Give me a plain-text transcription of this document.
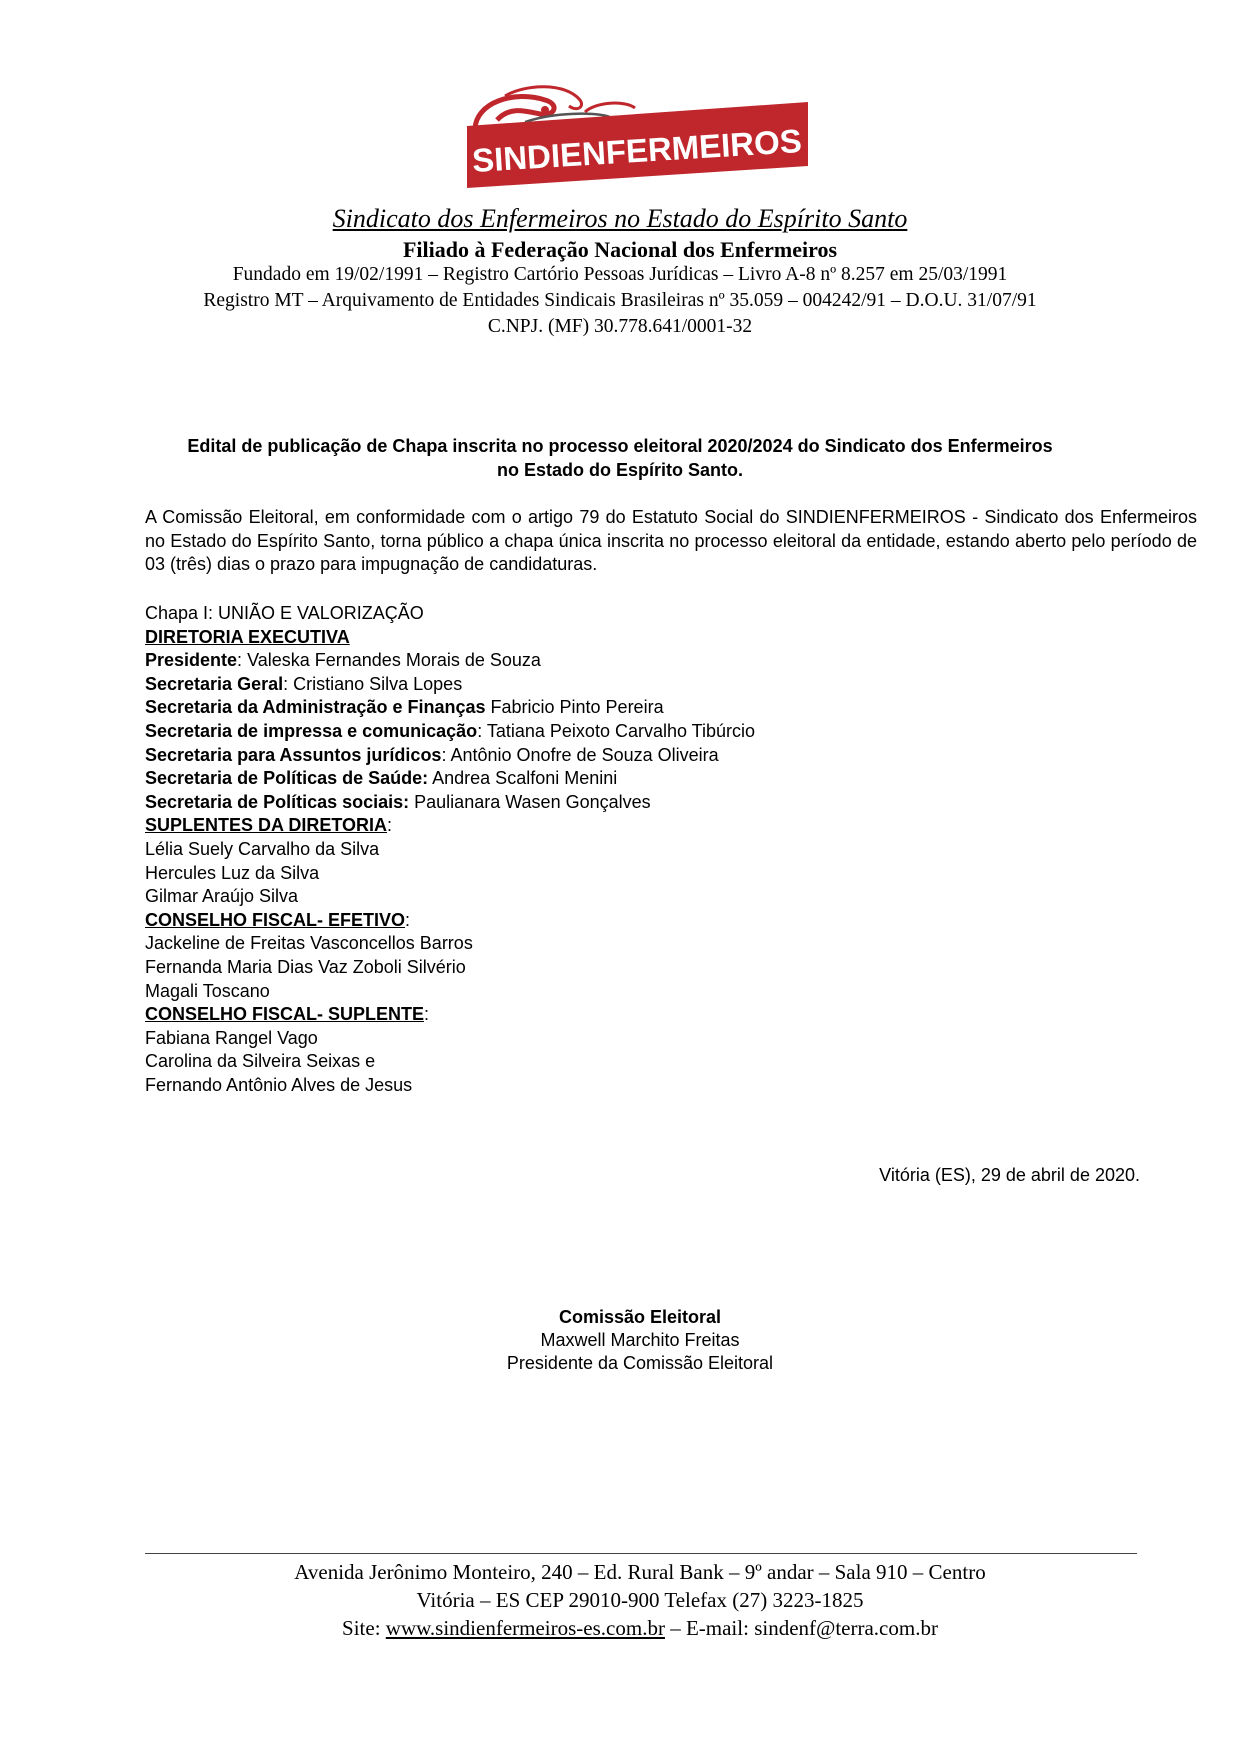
SINDIENFERMEIROS
Sindicato dos Enfermeiros no Estado do Espírito Santo
Filiado à Federação Nacional dos Enfermeiros
Fundado em 19/02/1991 – Registro Cartório Pessoas Jurídicas – Livro A-8 nº 8.257 em 25/03/1991
Registro MT – Arquivamento de Entidades Sindicais Brasileiras nº 35.059 – 004242/91 – D.O.U. 31/07/91
C.NPJ. (MF) 30.778.641/0001-32
Edital de publicação de Chapa inscrita no processo eleitoral 2020/2024 do Sindicato dos Enfermeiros
no Estado do Espírito Santo.
A Comissão Eleitoral, em conformidade com o artigo 79 do Estatuto Social do SINDIENFERMEIROS - Sindicato dos Enfermeiros no Estado do Espírito Santo, torna público a chapa única inscrita no processo eleitoral da entidade, estando aberto pelo período de 03 (três) dias o prazo para impugnação de candidaturas.
Chapa I: UNIÃO E VALORIZAÇÃO
DIRETORIA EXECUTIVA
Presidente: Valeska Fernandes Morais de Souza
Secretaria Geral: Cristiano Silva Lopes
Secretaria da Administração e Finanças Fabricio Pinto Pereira
Secretaria de impressa e comunicação: Tatiana Peixoto Carvalho Tibúrcio
Secretaria para Assuntos jurídicos: Antônio Onofre de Souza Oliveira
Secretaria de Políticas de Saúde: Andrea Scalfoni Menini
Secretaria de Políticas sociais: Paulianara Wasen Gonçalves
SUPLENTES DA DIRETORIA:
Lélia Suely Carvalho da Silva
Hercules Luz da Silva
Gilmar Araújo Silva
CONSELHO FISCAL- EFETIVO:
Jackeline de Freitas Vasconcellos Barros
Fernanda Maria Dias Vaz Zoboli Silvério
Magali Toscano
CONSELHO FISCAL- SUPLENTE:
Fabiana Rangel Vago
Carolina da Silveira Seixas e
Fernando Antônio Alves de Jesus
Vitória (ES), 29 de abril de 2020.
Comissão Eleitoral
Maxwell Marchito Freitas
Presidente da Comissão Eleitoral
Avenida Jerônimo Monteiro, 240 – Ed. Rural Bank – 9º andar – Sala 910 – Centro
Vitória – ES CEP 29010-900 Telefax (27) 3223-1825
Site: www.sindienfermeiros-es.com.br – E-mail: sindenf@terra.com.br
